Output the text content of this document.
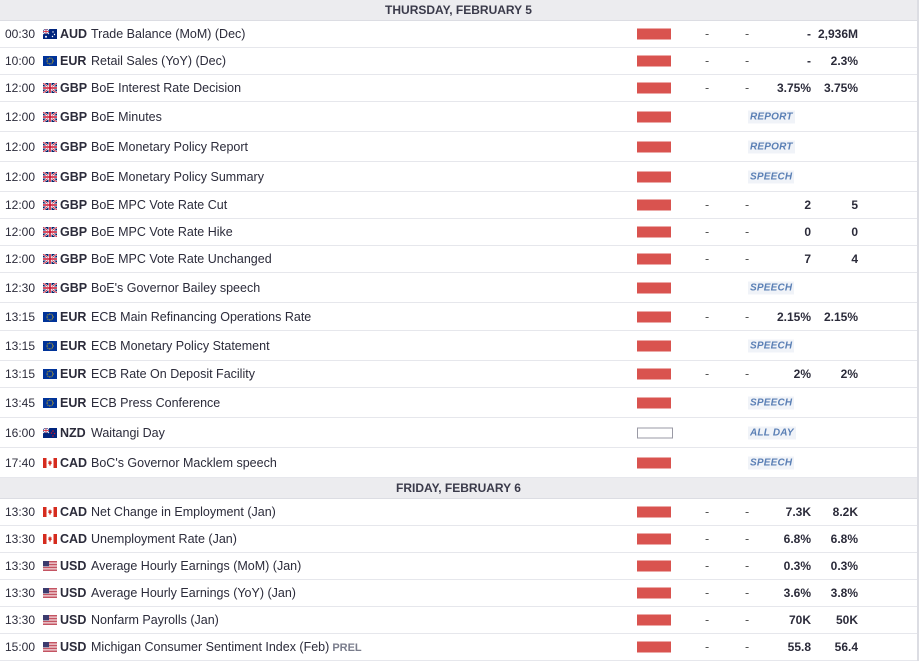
THURSDAY, FEBRUARY 5
00:30 AUD Trade Balance (MoM) (Dec)	-	-	- 2,936M
10:00 EUR Retail Sales (YoY) (Dec)	-	-	- 2.3%
12:00 GBP BoE Interest Rate Decision	-	- 3.75% 3.75%
12:00 GBP BoE Minutes	REPORT
12:00 GBP BoE Monetary Policy Report	REPORT
12:00 GBP BoE Monetary Policy Summary	SPEECH
12:00 GBP BoE MPC Vote Rate Cut	-	-	2	5
12:00 GBP BoE MPC Vote Rate Hike	-	-	0	0
12:00 GBP BoE MPC Vote Rate Unchanged	-	-	7	4
12:30 GBP BoE's Governor Bailey speech	SPEECH
13:15 EUR ECB Main Refinancing Operations Rate	-	- 2.15% 2.15%
13:15 EUR ECB Monetary Policy Statement	SPEECH
13:15 EUR ECB Rate On Deposit Facility	-	-	2% 2%
13:45 EUR ECB Press Conference	SPEECH
16:00 NZD Waitangi Day	ALL DAY
17:40 CAD BoC's Governor Macklem speech	SPEECH
FRIDAY, FEBRUARY 6
13:30 CAD Net Change in Employment (Jan)	-	-	7.3K 8.2K
13:30 CAD Unemployment Rate (Jan)	-	-	6.8% 6.8%
13:30 USD Average Hourly Earnings (MoM) (Jan)	-	-	0.3% 0.3%
13:30 USD Average Hourly Earnings (YoY) (Jan)	-	-	3.6% 3.8%
13:30 USD Nonfarm Payrolls (Jan)	-	-	70K 50K
15:00 USD Michigan Consumer Sentiment Index (Feb) PREL	-	-	55.8 56.4
